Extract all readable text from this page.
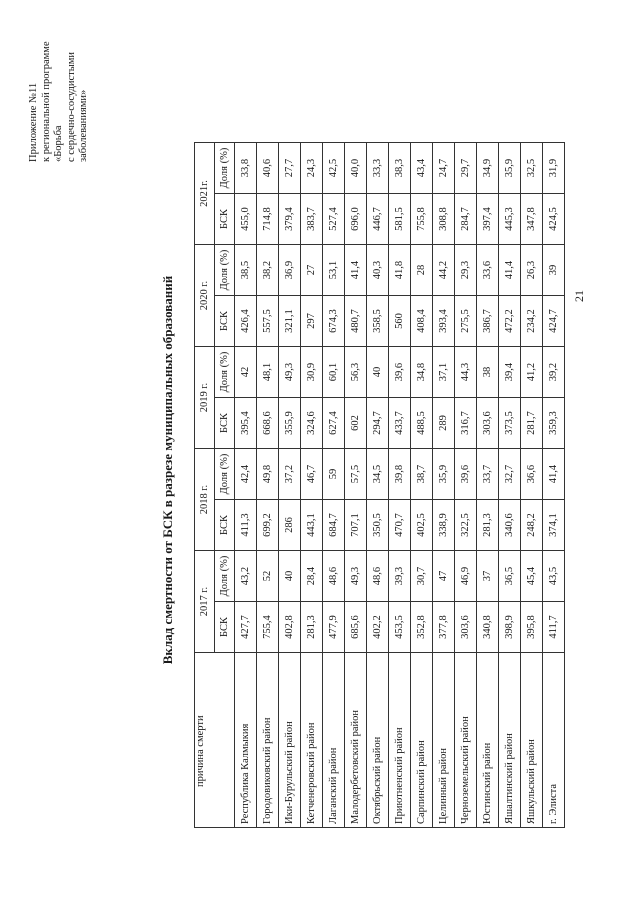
Приложение №11 к региональной программе «Борьба с сердечно-сосудистыми заболеваниями»
Вклад смертности от БСК в разрезе муниципальных образований
причина смерти	2017 г.		2018 г.		2019 г.		2020 г.		2021г.	
	БСК	Доля (%)	БСК	Доля (%)	БСК	Доля (%)	БСК	Доля (%)	БСК	Доля (%)
Республика Калмыкия	427,7	43,2	411,3	42,4	395,4	42	426,4	38,5	455,0	33,8
Городовиковский район	755,4	52	699,2	49,8	668,6	48,1	557,5	38,2	714,8	40,6
Ики-Бурульский район	402,8	40	286	37,2	355,9	49,3	321,1	36,9	379,4	27,7
Кетченеровский район	281,3	28,4	443,1	46,7	324,6	30,9	297	27	383,7	24,3
Лаганский район	477,9	48,6	684,7	59	627,4	60,1	674,3	53,1	527,4	42,5
Малодербетовский район	685,6	49,3	707,1	57,5	602	56,3	480,7	41,4	696,0	40,0
Октябрьский район	402,2	48,6	350,5	34,5	294,7	40	358,5	40,3	446,7	33,3
Приютненский район	453,5	39,3	470,7	39,8	433,7	39,6	560	41,8	581,5	38,3
Сарпинский район	352,8	30,7	402,5	38,7	488,5	34,8	408,4	28	755,8	43,4
Целинный район	377,8	47	338,9	35,9	289	37,1	393,4	44,2	308,8	24,7
Черноземельский район	303,6	46,9	322,5	39,6	316,7	44,3	275,5	29,3	284,7	29,7
Юстинский район	340,8	37	281,3	33,7	303,6	38	386,7	33,6	397,4	34,9
Яшалтинский район	398,9	36,5	340,6	32,7	373,5	39,4	472,2	41,4	445,3	35,9
Яшкульский район	395,8	45,4	248,2	36,6	281,7	41,2	234,2	26,3	347,8	32,5
г. Элиста	411,7	43,5	374,1	41,4	359,3	39,2	424,7	39	424,5	31,9
21
